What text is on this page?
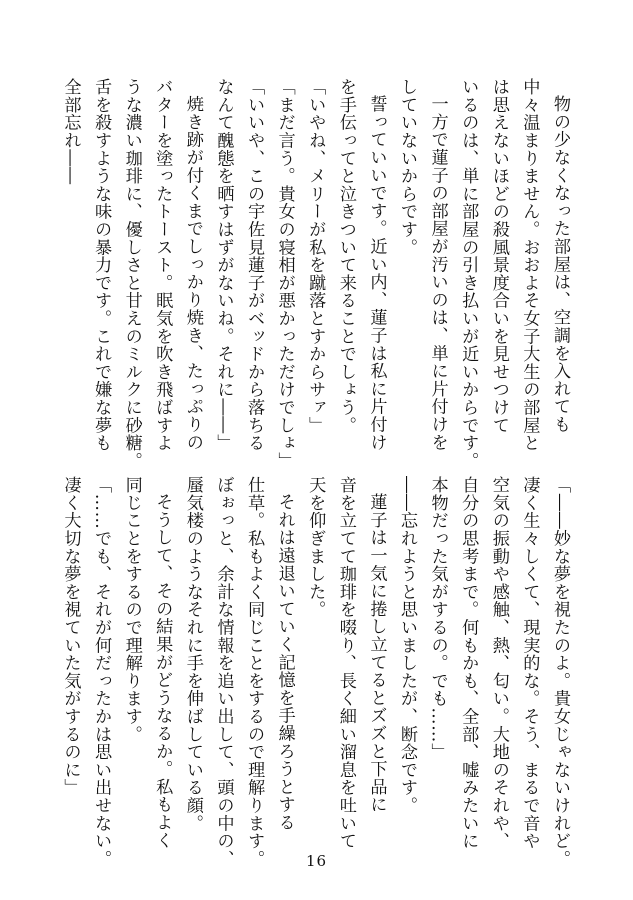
物の少なくなった部屋は、空調を入れても

中々温まりません。おおよそ女子大生の部屋と

は思えないほどの殺風景度合いを見せつけて

いるのは、単に部屋の引き払いが近いからです。

一方で蓮子の部屋が汚いのは、単に片付けを

していないからです。

誓っていいです。近い内、蓮子は私に片付け

を手伝ってと泣きついて来ることでしょう。

「いやね、メリーが私を蹴落とすからサァ」

「まだ言う。貴女の寝相が悪かっただけでしょ」

「いいや、この宇佐見蓮子がベッドから落ちる

なんて醜態を晒すはずがないね。それに――」

焼き跡が付くまでしっかり焼き、たっぷりの

バターを塗ったトースト。眠気を吹き飛ばすよ

うな濃い珈琲に、優しさと甘えのミルクに砂糖。

舌を殺すような味の暴力です。これで嫌な夢も

全部忘れ――

「――妙な夢を視たのよ。貴女じゃないけれど。

凄く生々しくて、現実的な。そう、まるで音や

空気の振動や感触、熱、匂い。大地のそれや、

自分の思考まで。何もかも、全部、嘘みたいに

本物だった気がするの。でも……」

――忘れようと思いましたが、断念です。

蓮子は一気に捲し立てるとズズと下品に

音を立てて珈琲を啜り、長く細い溜息を吐いて

天を仰ぎました。

それは遠退いていく記憶を手繰ろうとする

仕草。私もよく同じことをするので理解ります。

ぼぉっと、余計な情報を追い出して、頭の中の、

蜃気楼のようなそれに手を伸ばしている顔。

そうして、その結果がどうなるか。私もよく

同じことをするので理解ります。

「……でも、それが何だったかは思い出せない。

凄く大切な夢を視ていた気がするのに」

16
